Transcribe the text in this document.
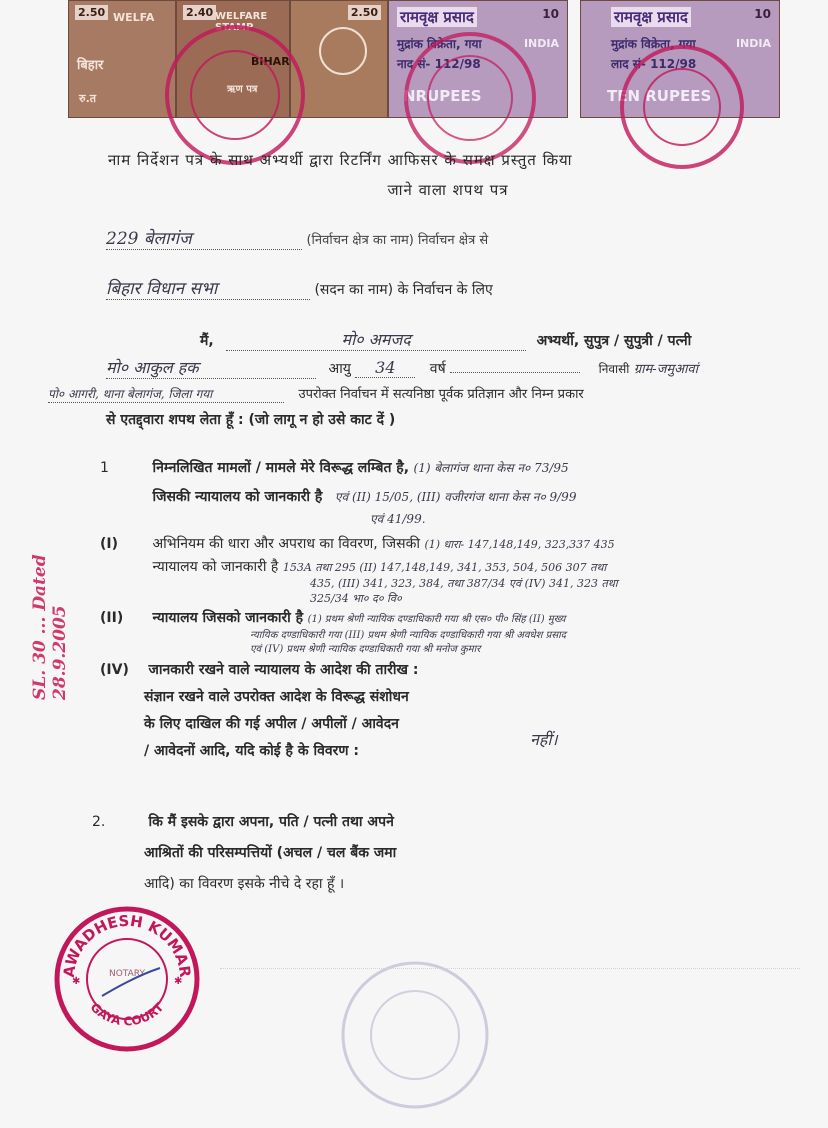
2.50 WELFA
बिहार
रु.त
2.40 WELFARE STAMP
BIHAR
ऋण पत्र
2.50 रामवृक्ष प्रसाद	10
मुद्रांक विक्रेता, गया	INDIA
नाद सं- 112/98
NRUPEES
रामवृक्ष प्रसाद	10
मुद्रांक विक्रेता, गया	INDIA
लाद सं- 112/98
TEN RUPEES
SL. 30 ... Dated 28.9.2005
नाम निर्देशन पत्र के साथ अभ्यर्थी द्वारा रिटर्निंग आफिसर के समक्ष प्रस्तुत किया
जाने वाला शपथ पत्र
229 बेलागंज	(निर्वाचन क्षेत्र का नाम) निर्वाचन क्षेत्र से
बिहार विधान सभा	(सदन का नाम) के निर्वाचन के लिए
मैं,	मो० अमजद	अभ्यर्थी, सुपुत्र / सुपुत्री / पत्नी
मो० आकुल हक	आयु 34 वर्ष	निवासी ग्राम-जमुआवां
पो० आगरी, थाना बेलागंज, जिला गया	उपरोक्त निर्वाचन में सत्यनिष्ठा पूर्वक प्रतिज्ञान और निम्न प्रकार
से एतद्द्वारा शपथ लेता हूँ : (जो लागू न हो उसे काट दें )
1	निम्नलिखित मामलों / मामले मेरे विरूद्ध लम्बित है, (1) बेलागंज थाना केस न० 73/95
जिसकी न्यायालय को जानकारी है एवं (II) 15/05, (III) वजीरगंज थाना केस न० 9/99
एवं 41/99.
(I) अभिनियम की धारा और अपराध का विवरण, जिसकी (1) धारा- 147,148,149, 323,337 435
न्यायालय को जानकारी है 153A तथा 295 (II) 147,148,149, 341, 353, 504, 506 307 तथा
435, (III) 341, 323, 384, तथा 387/34 एवं (IV) 341, 323 तथा
325/34 भा० द० वि०
(II) न्यायालय जिसको जानकारी है (1) प्रथम श्रेणी न्यायिक दण्डाधिकारी गया श्री एस० पी० सिंह (II) मुख्य
न्यायिक दण्डाधिकारी गया (III) प्रथम श्रेणी न्यायिक दण्डाधिकारी गया श्री अवधेश प्रसाद
एवं (IV) प्रथम श्रेणी न्यायिक दण्डाधिकारी गया श्री मनोज कुमार
(IV) जानकारी रखने वाले न्यायालय के आदेश की तारीख :
संज्ञान रखने वाले उपरोक्त आदेश के विरूद्ध संशोधन
के लिए दाखिल की गई अपील / अपीलों / आवेदन
/ आवेदनों आदि, यदि कोई है के विवरण :
नहीं।
2.	कि मैं इसके द्वारा अपना, पति / पत्नी तथा अपने
आश्रितों की परिसम्पत्तियों (अचल / चल बैंक जमा
आदि) का विवरण इसके नीचे दे रहा हूँ ।
AWADHESH KUMAR
GAYA COURT
NOTARY
✱	✱
